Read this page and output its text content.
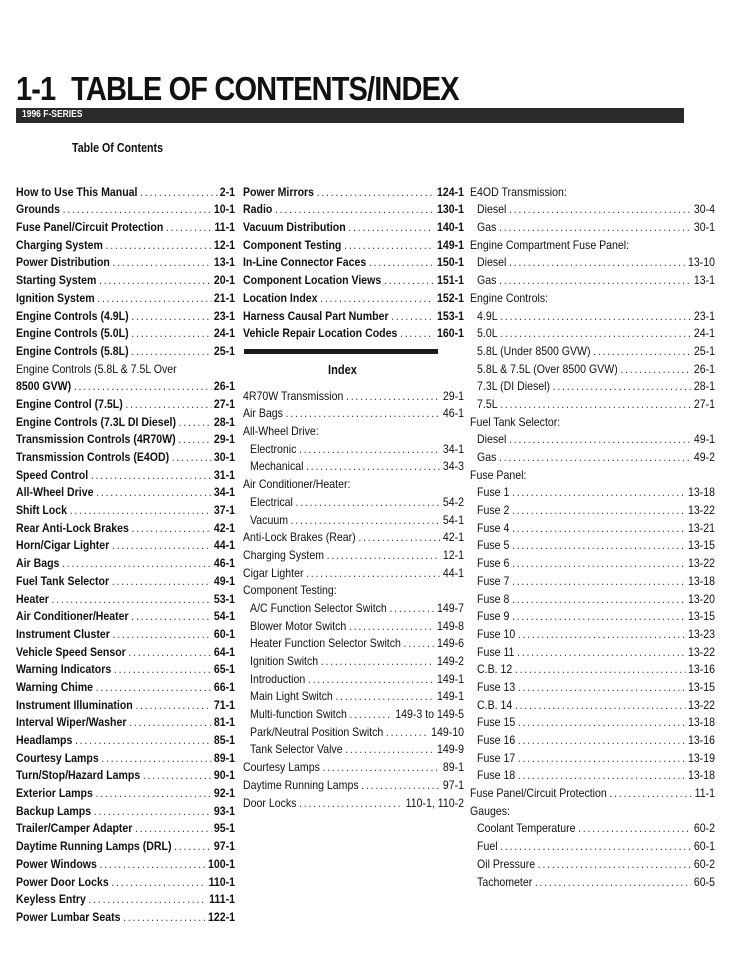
1-1 TABLE OF CONTENTS/INDEX
1996 F-SERIES
Table Of Contents
How to Use This Manual .....	2-1
Grounds .....	10-1
Fuse Panel/Circuit Protection .....	11-1
Charging System .....	12-1
Power Distribution .....	13-1
Starting System .....	20-1
Ignition System .....	21-1
Engine Controls (4.9L) .....	23-1
Engine Controls (5.0L) .....	24-1
Engine Controls (5.8L) .....	25-1
Engine Controls (5.8L & 7.5L Over
8500 GVW) .....	26-1
Engine Control (7.5L) .....	27-1
Engine Controls (7.3L DI Diesel) .....	28-1
Transmission Controls (4R70W) .....	29-1
Transmission Controls (E4OD) .....	30-1
Speed Control .....	31-1
All-Wheel Drive .....	34-1
Shift Lock .....	37-1
Rear Anti-Lock Brakes .....	42-1
Horn/Cigar Lighter .....	44-1
Air Bags .....	46-1
Fuel Tank Selector .....	49-1
Heater .....	53-1
Air Conditioner/Heater .....	54-1
Instrument Cluster .....	60-1
Vehicle Speed Sensor .....	64-1
Warning Indicators .....	65-1
Warning Chime .....	66-1
Instrument Illumination .....	71-1
Interval Wiper/Washer .....	81-1
Headlamps .....	85-1
Courtesy Lamps .....	89-1
Turn/Stop/Hazard Lamps .....	90-1
Exterior Lamps .....	92-1
Backup Lamps .....	93-1
Trailer/Camper Adapter .....	95-1
Daytime Running Lamps (DRL) .....	97-1
Power Windows .....	100-1
Power Door Locks .....	110-1
Keyless Entry .....	111-1
Power Lumbar Seats .....	122-1
Power Mirrors .....	124-1
Radio .....	130-1
Vacuum Distribution .....	140-1
Component Testing .....	149-1
In-Line Connector Faces .....	150-1
Component Location Views .....	151-1
Location Index .....	152-1
Harness Causal Part Number .....	153-1
Vehicle Repair Location Codes .....	160-1
Index
4R70W Transmission .....	29-1
Air Bags .....	46-1
All-Wheel Drive:
Electronic .....	34-1
Mechanical .....	34-3
Air Conditioner/Heater:
Electrical .....	54-2
Vacuum .....	54-1
Anti-Lock Brakes (Rear) .....	42-1
Charging System .....	12-1
Cigar Lighter .....	44-1
Component Testing:
A/C Function Selector Switch .....	149-7
Blower Motor Switch .....	149-8
Heater Function Selector Switch .....	149-6
Ignition Switch .....	149-2
Introduction .....	149-1
Main Light Switch .....	149-1
Multi-function Switch .....	149-3 to 149-5
Park/Neutral Position Switch .....	149-10
Tank Selector Valve .....	149-9
Courtesy Lamps .....	89-1
Daytime Running Lamps .....	97-1
Door Locks .....	110-1, 110-2
E4OD Transmission:
Diesel .....	30-4
Gas .....	30-1
Engine Compartment Fuse Panel:
Diesel .....	13-10
Gas .....	13-1
Engine Controls:
4.9L .....	23-1
5.0L .....	24-1
5.8L (Under 8500 GVW) .....	25-1
5.8L & 7.5L (Over 8500 GVW) .....	26-1
7.3L (DI Diesel) .....	28-1
7.5L .....	27-1
Fuel Tank Selector:
Diesel .....	49-1
Gas .....	49-2
Fuse Panel:
Fuse 1 .....	13-18
Fuse 2 .....	13-22
Fuse 4 .....	13-21
Fuse 5 .....	13-15
Fuse 6 .....	13-22
Fuse 7 .....	13-18
Fuse 8 .....	13-20
Fuse 9 .....	13-15
Fuse 10 .....	13-23
Fuse 11 .....	13-22
C.B. 12 .....	13-16
Fuse 13 .....	13-15
C.B. 14 .....	13-22
Fuse 15 .....	13-18
Fuse 16 .....	13-16
Fuse 17 .....	13-19
Fuse 18 .....	13-18
Fuse Panel/Circuit Protection .....	11-1
Gauges:
Coolant Temperature .....	60-2
Fuel .....	60-1
Oil Pressure .....	60-2
Tachometer .....	60-5
